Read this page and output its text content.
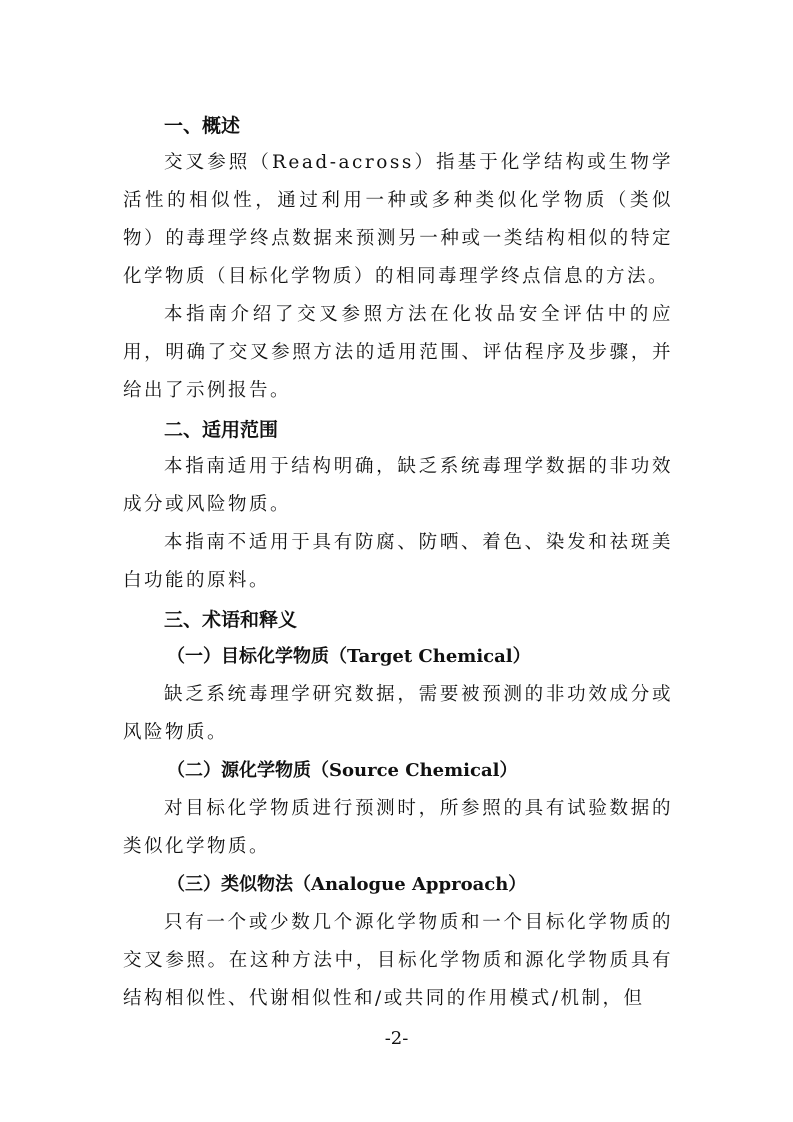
一、概述

交叉参照（Read-across）指基于化学结构或生物学活性的相似性，通过利用一种或多种类似化学物质（类似物）的毒理学终点数据来预测另一种或一类结构相似的特定化学物质（目标化学物质）的相同毒理学终点信息的方法。

本指南介绍了交叉参照方法在化妆品安全评估中的应用，明确了交叉参照方法的适用范围、评估程序及步骤，并给出了示例报告。

二、适用范围

本指南适用于结构明确，缺乏系统毒理学数据的非功效成分或风险物质。

本指南不适用于具有防腐、防晒、着色、染发和祛斑美白功能的原料。

三、术语和释义
（一）目标化学物质（Target Chemical）

缺乏系统毒理学研究数据，需要被预测的非功效成分或风险物质。

（二）源化学物质（Source Chemical）

对目标化学物质进行预测时，所参照的具有试验数据的类似化学物质。

（三）类似物法（Analogue Approach）

只有一个或少数几个源化学物质和一个目标化学物质的交叉参照。在这种方法中，目标化学物质和源化学物质具有结构相似性、代谢相似性和/或共同的作用模式/机制，但

-2-
